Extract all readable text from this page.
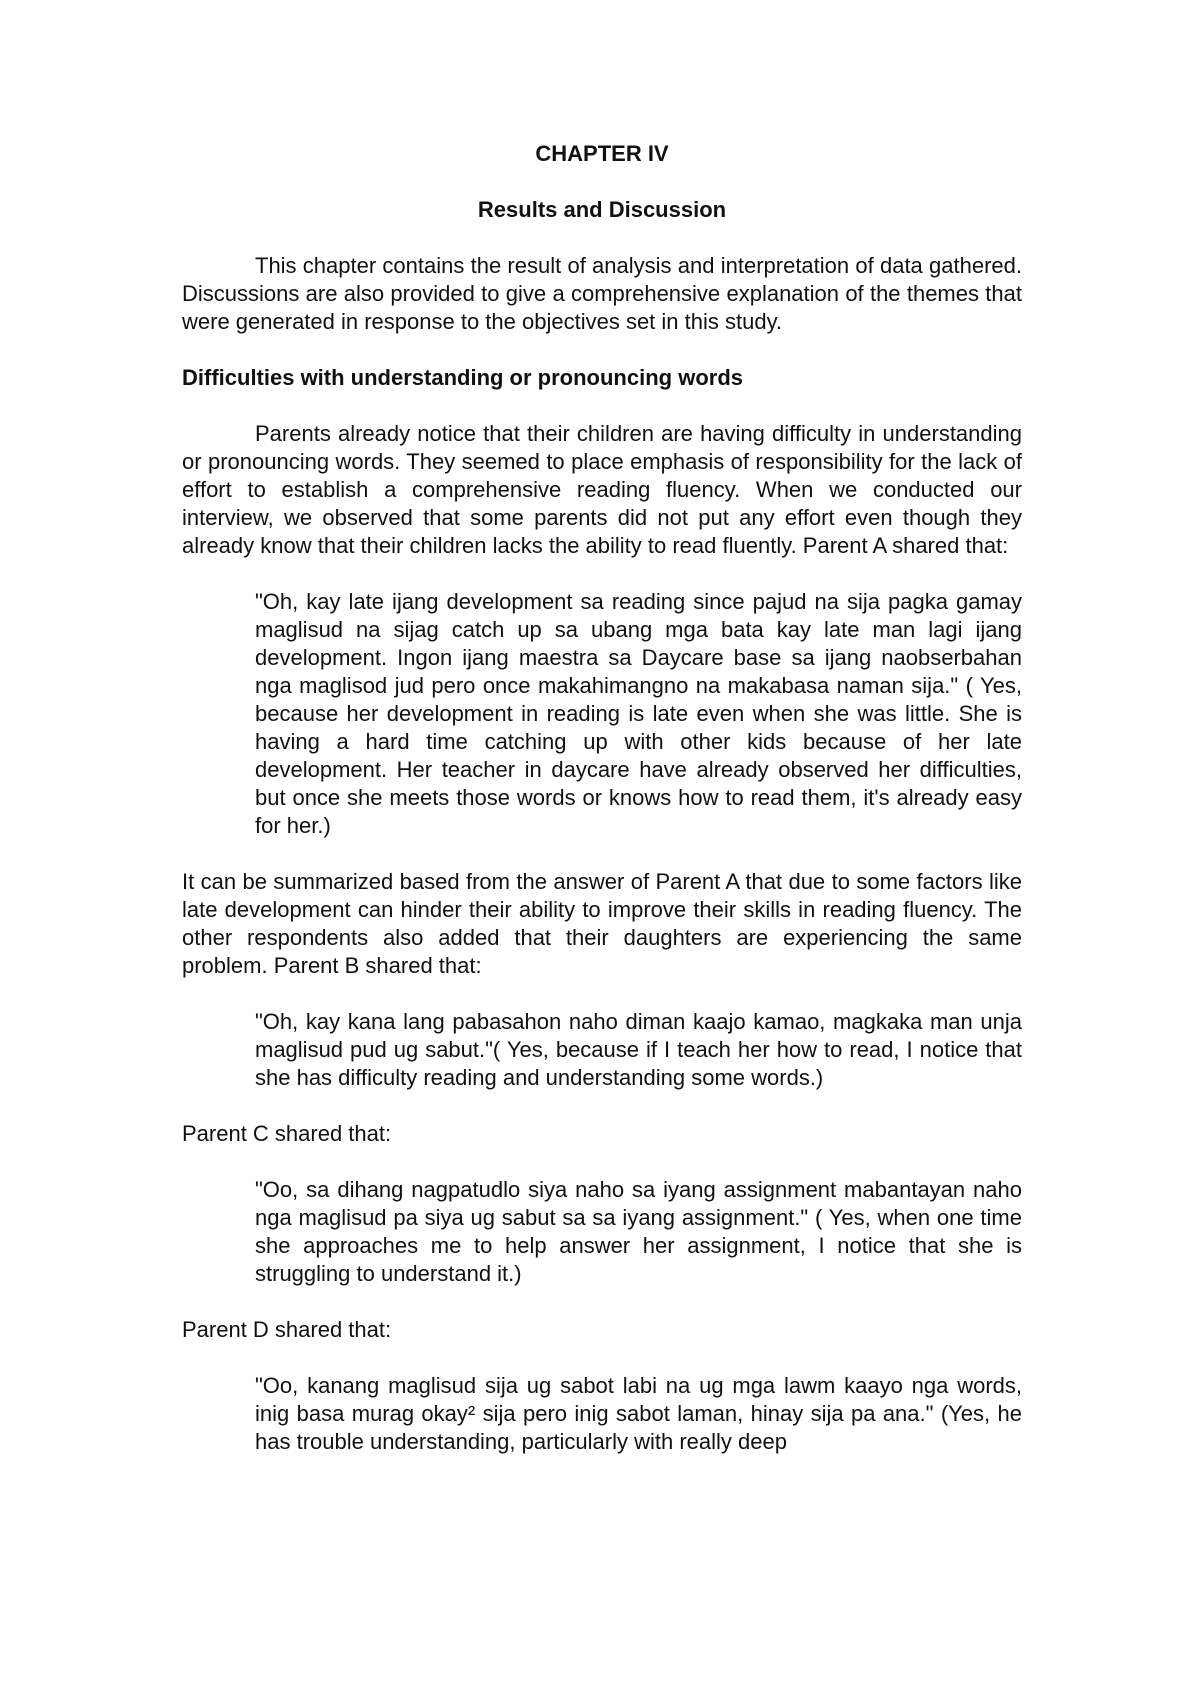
CHAPTER IV
Results and Discussion

This chapter contains the result of analysis and interpretation of data gathered. Discussions are also provided to give a comprehensive explanation of the themes that were generated in response to the objectives set in this study.

Difficulties with understanding or pronouncing words

Parents already notice that their children are having difficulty in understanding or pronouncing words. They seemed to place emphasis of responsibility for the lack of effort to establish a comprehensive reading fluency. When we conducted our interview, we observed that some parents did not put any effort even though they already know that their children lacks the ability to read fluently. Parent A shared that:

"Oh, kay late ijang development sa reading since pajud na sija pagka gamay maglisud na sijag catch up sa ubang mga bata kay late man lagi ijang development. Ingon ijang maestra sa Daycare base sa ijang naobserbahan nga maglisod jud pero once makahimangno na makabasa naman sija." ( Yes, because her development in reading is late even when she was little. She is having a hard time catching up with other kids because of her late development. Her teacher in daycare have already observed her difficulties, but once she meets those words or knows how to read them, it's already easy for her.)

It can be summarized based from the answer of Parent A that due to some factors like late development can hinder their ability to improve their skills in reading fluency. The other respondents also added that their daughters are experiencing the same problem. Parent B shared that:

"Oh, kay kana lang pabasahon naho diman kaajo kamao, magkaka man unja maglisud pud ug sabut."( Yes, because if I teach her how to read, I notice that she has difficulty reading and understanding some words.)

Parent C shared that:

"Oo, sa dihang nagpatudlo siya naho sa iyang assignment mabantayan naho nga maglisud pa siya ug sabut sa sa iyang assignment." ( Yes, when one time she approaches me to help answer her assignment, I notice that she is struggling to understand it.)

Parent D shared that:

"Oo, kanang maglisud sija ug sabot labi na ug mga lawm kaayo nga words, inig basa murag okay² sija pero inig sabot laman, hinay sija pa ana." (Yes, he has trouble understanding, particularly with really deep
